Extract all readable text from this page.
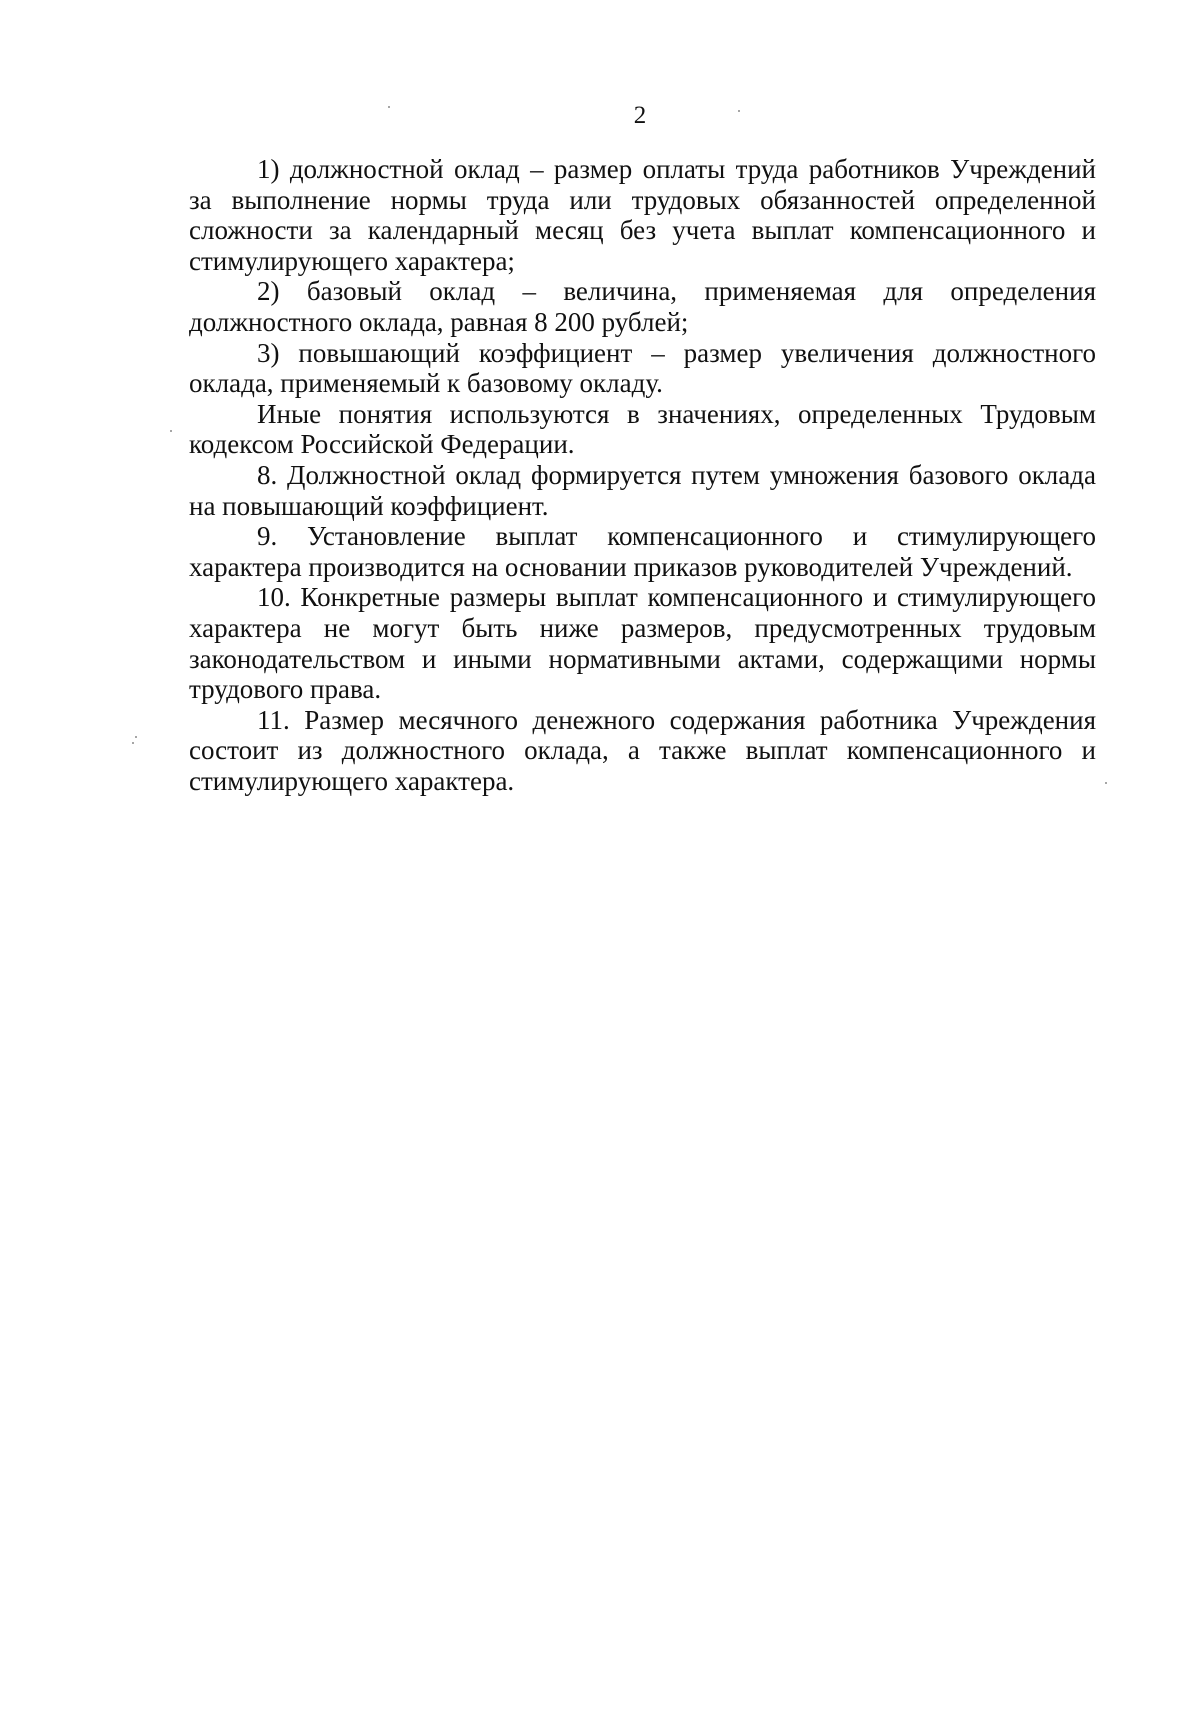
2

1) должностной оклад – размер оплаты труда работников Учреждений за выполнение нормы труда или трудовых обязанностей определенной сложности за календарный месяц без учета выплат компенсационного и стимулирующего характера;

2) базовый оклад – величина, применяемая для определения должностного оклада, равная 8 200 рублей;

3) повышающий коэффициент – размер увеличения должностного оклада, применяемый к базовому окладу.

Иные понятия используются в значениях, определенных Трудовым кодексом Российской Федерации.

8. Должностной оклад формируется путем умножения базового оклада на повышающий коэффициент.

9. Установление выплат компенсационного и стимулирующего характера производится на основании приказов руководителей Учреждений.

10. Конкретные размеры выплат компенсационного и стимулирующего характера не могут быть ниже размеров, предусмотренных трудовым законодательством и иными нормативными актами, содержащими нормы трудового права.

11. Размер месячного денежного содержания работника Учреждения состоит из должностного оклада, а также выплат компенсационного и стимулирующего характера.
